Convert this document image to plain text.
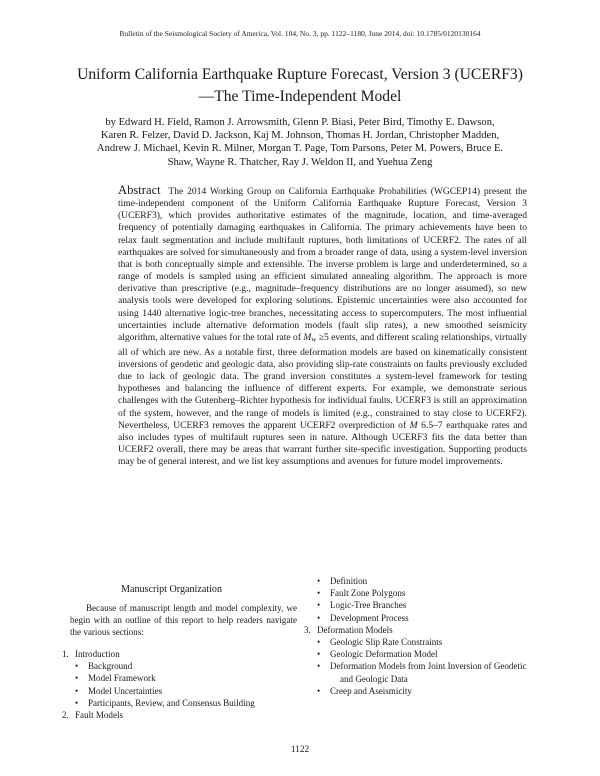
Bulletin of the Seismological Society of America, Vol. 104, No. 3, pp. 1122–1180, June 2014, doi: 10.1785/0120130164
Uniform California Earthquake Rupture Forecast, Version 3 (UCERF3)
—The Time-Independent Model
by Edward H. Field, Ramon J. Arrowsmith, Glenn P. Biasi, Peter Bird, Timothy E. Dawson,
Karen R. Felzer, David D. Jackson, Kaj M. Johnson, Thomas H. Jordan, Christopher Madden,
Andrew J. Michael, Kevin R. Milner, Morgan T. Page, Tom Parsons, Peter M. Powers, Bruce E.
Shaw, Wayne R. Thatcher, Ray J. Weldon II, and Yuehua Zeng

Abstract The 2014 Working Group on California Earthquake Probabilities (WGCEP14) present the time-independent component of the Uniform California Earthquake Rupture Forecast, Version 3 (UCERF3), which provides authoritative estimates of the magnitude, location, and time-averaged frequency of potentially damaging earthquakes in California. The primary achievements have been to relax fault segmentation and include multifault ruptures, both limitations of UCERF2. The rates of all earthquakes are solved for simultaneously and from a broader range of data, using a system-level inversion that is both conceptually simple and extensible. The inverse problem is large and underdetermined, so a range of models is sampled using an efficient simulated annealing algorithm. The approach is more derivative than prescriptive (e.g., magnitude–frequency distributions are no longer assumed), so new analysis tools were developed for exploring solutions. Epistemic uncertainties were also accounted for using 1440 alternative logic-tree branches, necessitating access to supercomputers. The most influential uncertainties include alternative deformation models (fault slip rates), a new smoothed seismicity algorithm, alternative values for the total rate of Mw ≥5 events, and different scaling relationships, virtually all of which are new. As a notable first, three deformation models are based on kinematically consistent inversions of geodetic and geologic data, also providing slip-rate constraints on faults previously excluded due to lack of geologic data. The grand inversion constitutes a system-level framework for testing hypotheses and balancing the influence of different experts. For example, we demonstrate serious challenges with the Gutenberg–Richter hypothesis for individual faults. UCERF3 is still an approximation of the system, however, and the range of models is limited (e.g., constrained to stay close to UCERF2). Nevertheless, UCERF3 removes the apparent UCERF2 overprediction of M 6.5–7 earthquake rates and also includes types of multifault ruptures seen in nature. Although UCERF3 fits the data better than UCERF2 overall, there may be areas that warrant further site-specific investigation. Supporting products may be of general interest, and we list key assumptions and avenues for future model improvements.

Manuscript Organization

Because of manuscript length and model complexity, we begin with an outline of this report to help readers navigate the various sections:

1. Introduction
• Background
• Model Framework
• Model Uncertainties
• Participants, Review, and Consensus Building
2. Fault Models
• Definition
• Fault Zone Polygons
• Logic-Tree Branches
• Development Process
3. Deformation Models
• Geologic Slip Rate Constraints
• Geologic Deformation Model
• Deformation Models from Joint Inversion of Geodetic
and Geologic Data
• Creep and Aseismicity
1122
